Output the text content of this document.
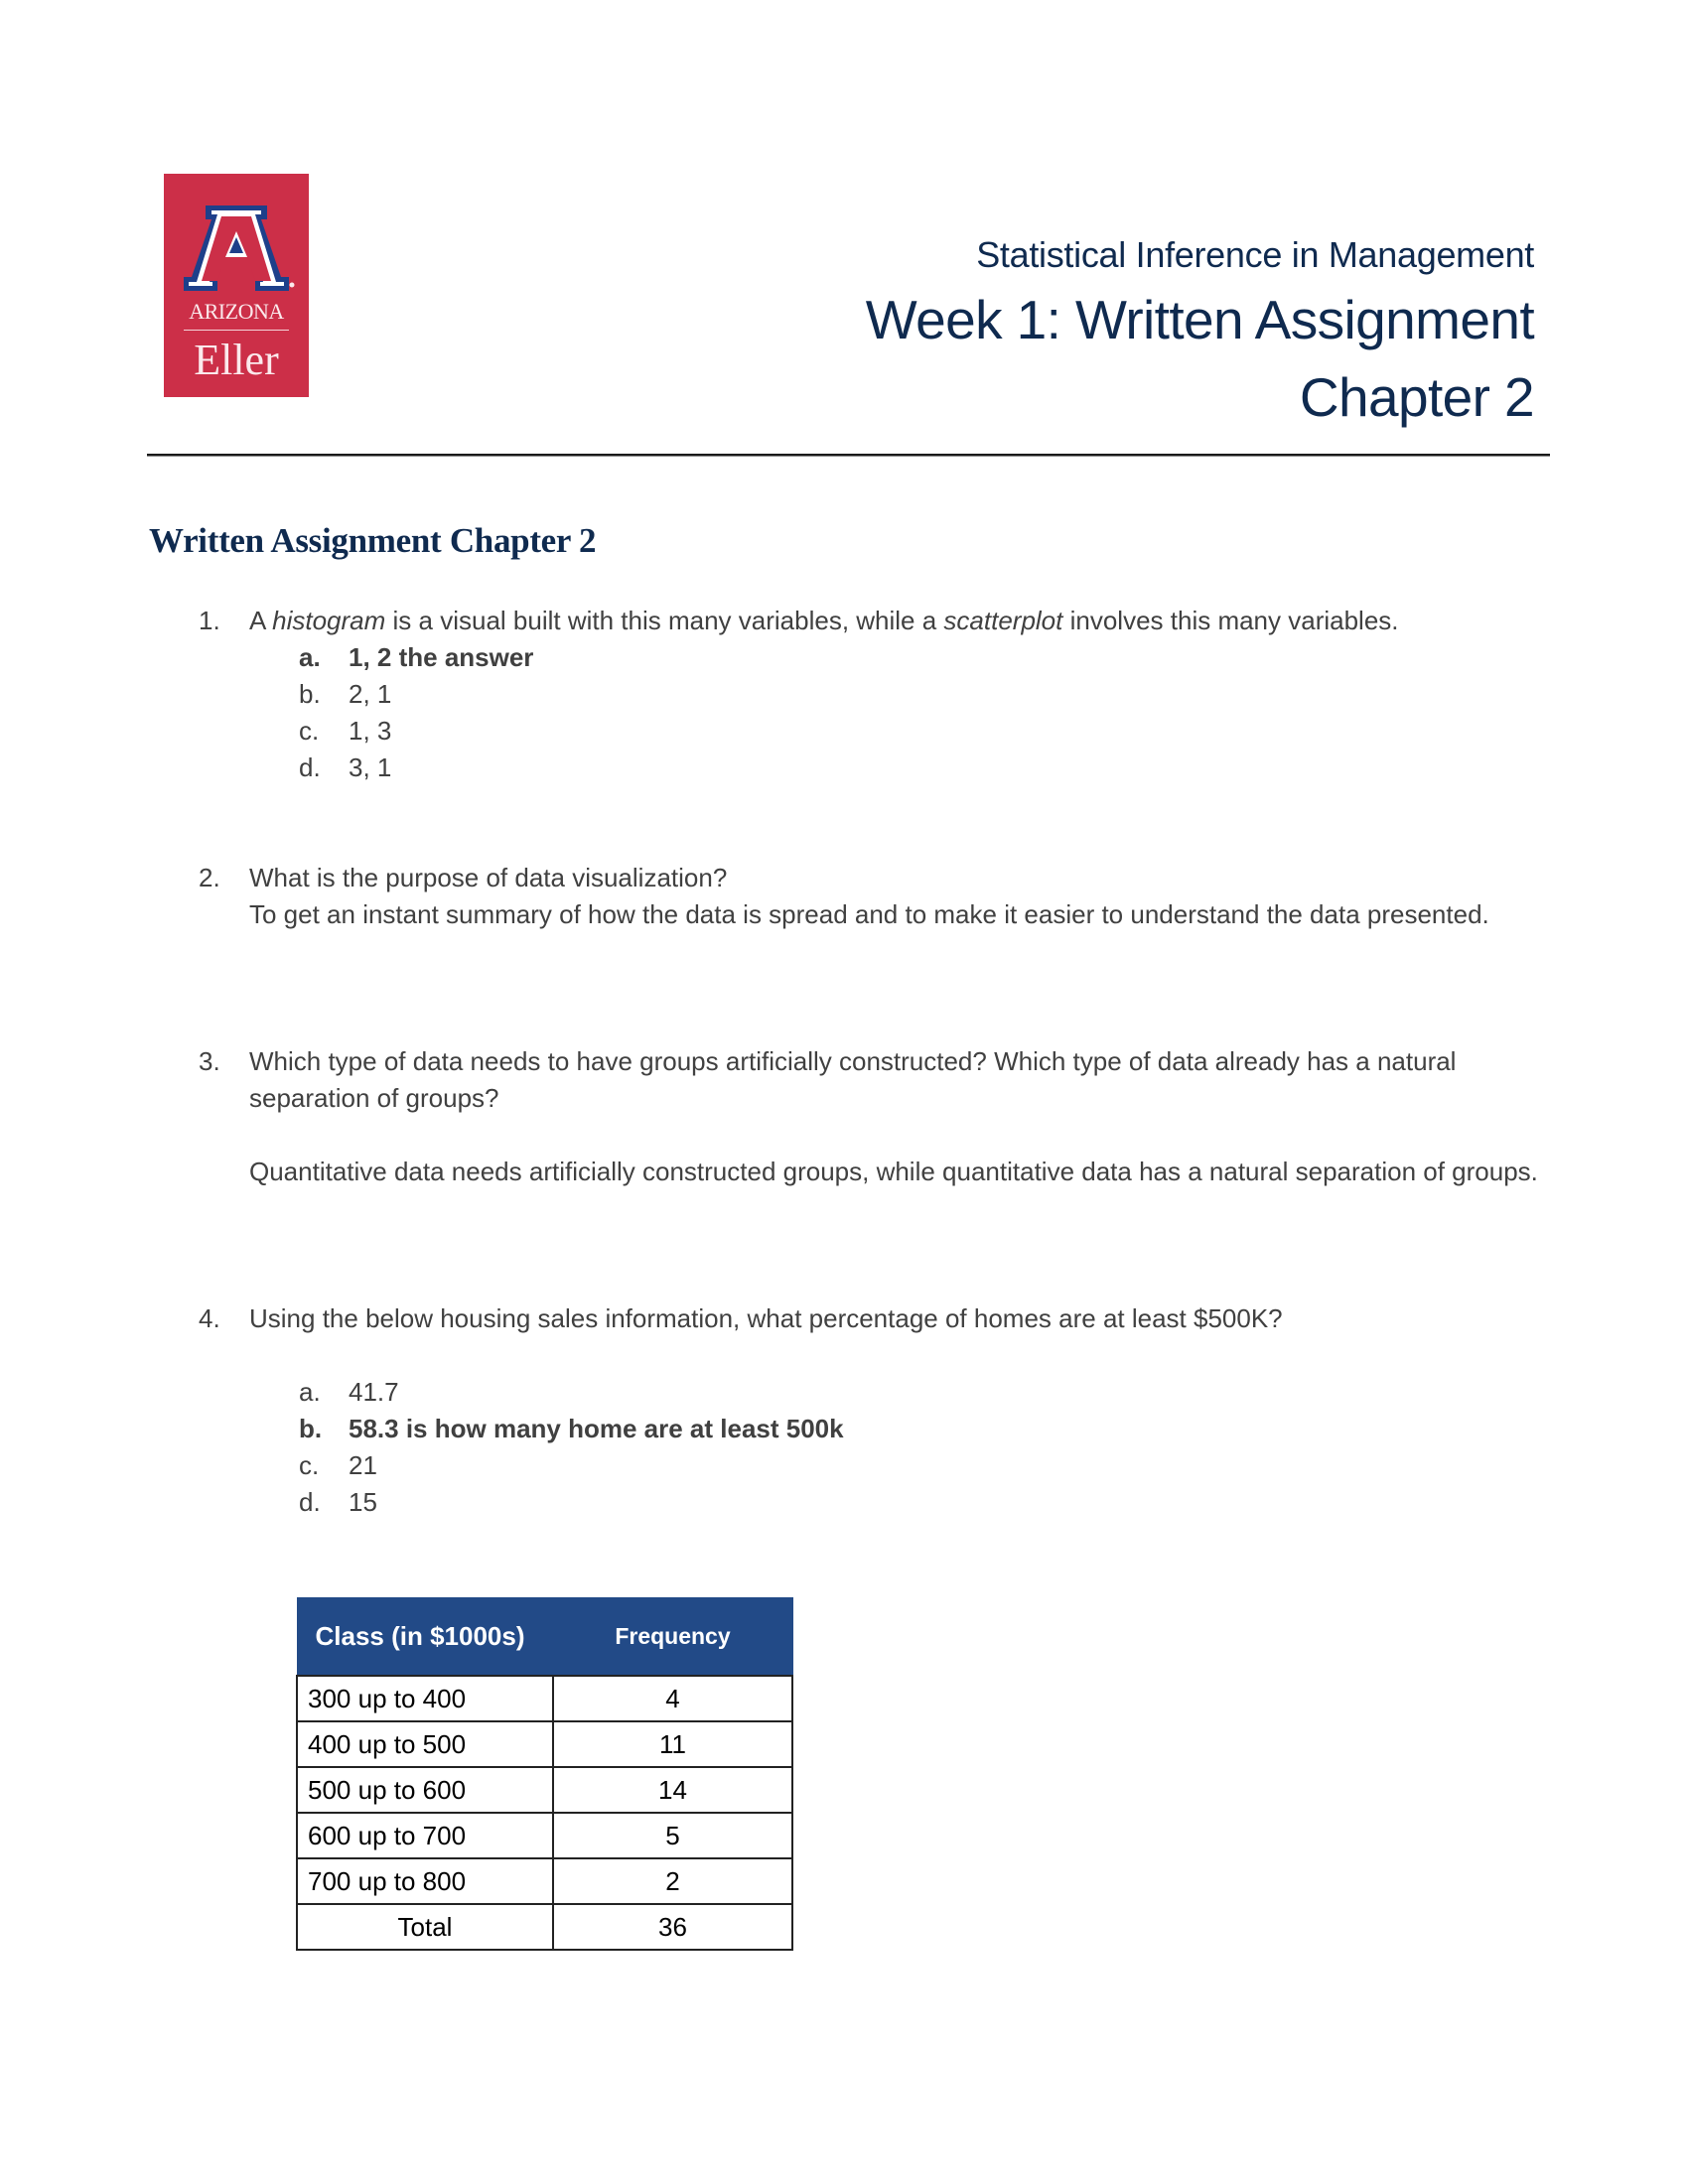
ARIZONA
Eller
Statistical Inference in Management
Week 1: Written Assignment
Chapter 2
Written Assignment Chapter 2
1. A histogram is a visual built with this many variables, while a scatterplot involves this many variables.

a. 1, 2 the answer
b. 2, 1
c. 1, 3
d. 3, 1
2. What is the purpose of data visualization?

To get an instant summary of how the data is spread and to make it easier to understand the data presented.

3. Which type of data needs to have groups artificially constructed? Which type of data already has a natural separation of groups?

Quantitative data needs artificially constructed groups, while quantitative data has a natural separation of groups.

4. Using the below housing sales information, what percentage of homes are at least $500K?

a. 41.7
b. 58.3 is how many home are at least 500k
c. 21
d. 15
Class (in $1000s)	Frequency
300 up to 400	4
400 up to 500	11
500 up to 600	14
600 up to 700	5
700 up to 800	2
Total	36
